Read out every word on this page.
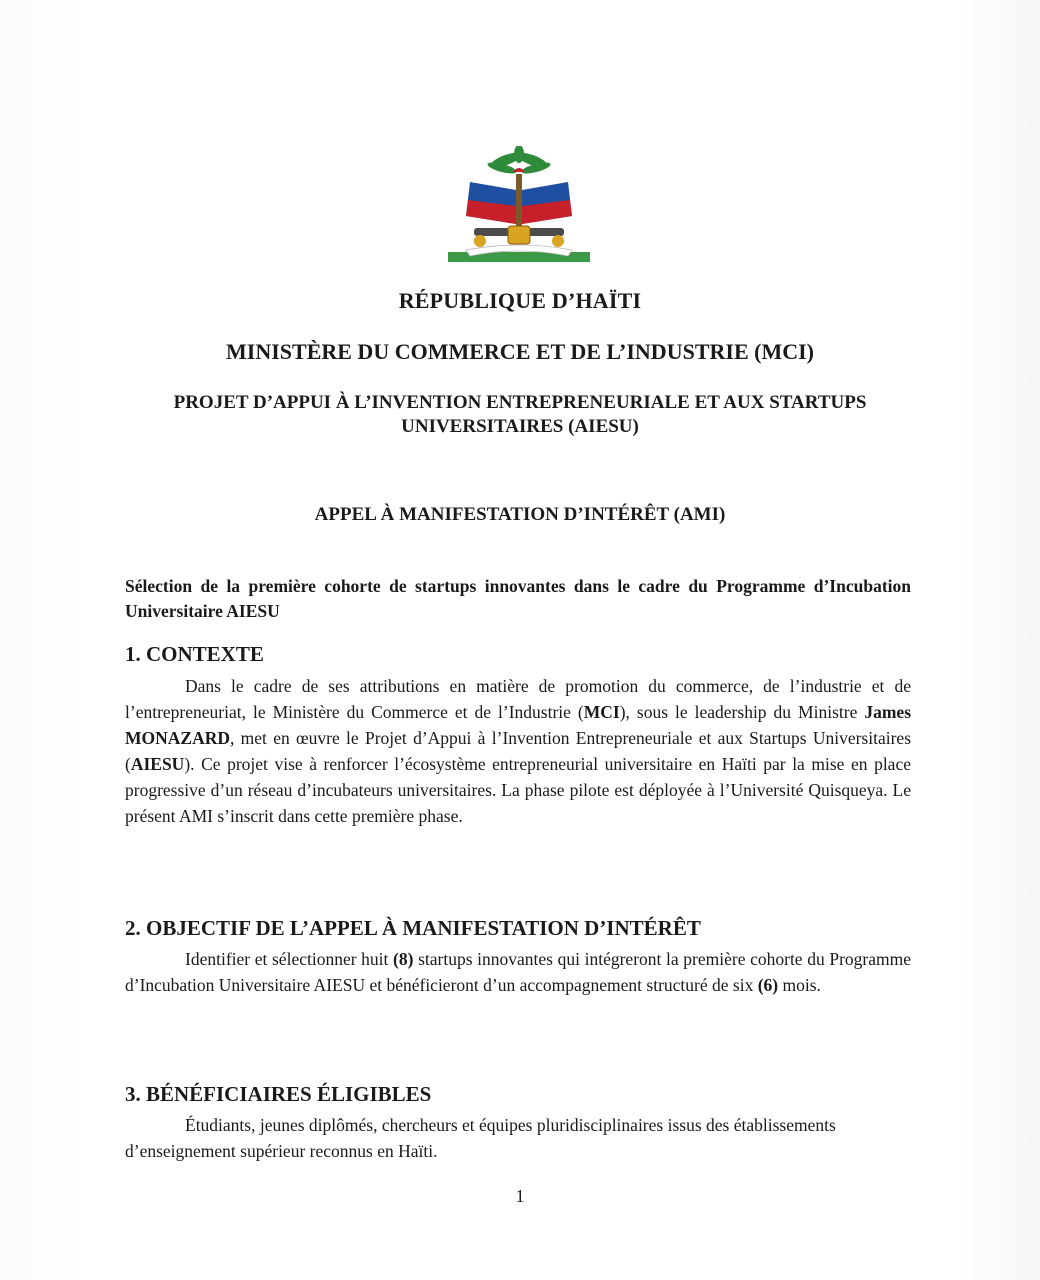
RÉPUBLIQUE D’HAÏTI
MINISTÈRE DU COMMERCE ET DE L’INDUSTRIE (MCI)
PROJET D’APPUI À L’INVENTION ENTREPRENEURIALE ET AUX STARTUPS
UNIVERSITAIRES (AIESU)
APPEL À MANIFESTATION D’INTÉRÊT (AMI)
Sélection de la première cohorte de startups innovantes dans le cadre du Programme d’Incubation Universitaire AIESU
1. CONTEXTE
Dans le cadre de ses attributions en matière de promotion du commerce, de l’industrie et de l’entrepreneuriat, le Ministère du Commerce et de l’Industrie (MCI), sous le leadership du Ministre James MONAZARD, met en œuvre le Projet d’Appui à l’Invention Entrepreneuriale et aux Startups Universitaires (AIESU). Ce projet vise à renforcer l’écosystème entrepreneurial universitaire en Haïti par la mise en place progressive d’un réseau d’incubateurs universitaires. La phase pilote est déployée à l’Université Quisqueya. Le présent AMI s’inscrit dans cette première phase.
2. OBJECTIF DE L’APPEL À MANIFESTATION D’INTÉRÊT
Identifier et sélectionner huit (8) startups innovantes qui intégreront la première cohorte du Programme d’Incubation Universitaire AIESU et bénéficieront d’un accompagnement structuré de six (6) mois.
3. BÉNÉFICIAIRES ÉLIGIBLES
Étudiants, jeunes diplômés, chercheurs et équipes pluridisciplinaires issus des établissements d’enseignement supérieur reconnus en Haïti.
1
